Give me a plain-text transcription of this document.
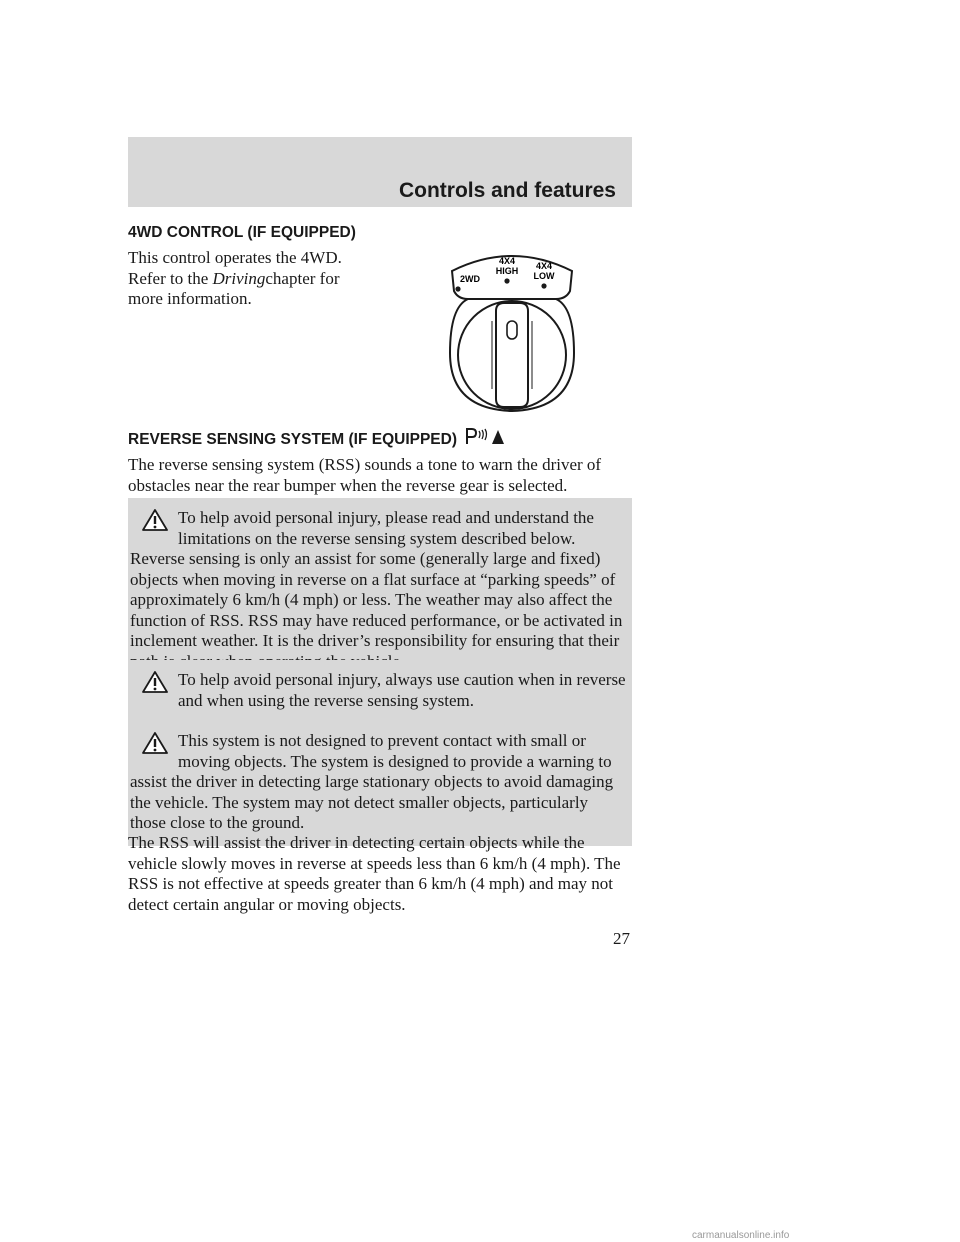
Controls and features
4WD CONTROL (IF EQUIPPED)
This control operates the 4WD.
Refer to the Drivingchapter for
more information.
2WD
4X4
HIGH 4X4
LOW
REVERSE SENSING SYSTEM (IF EQUIPPED)
The reverse sensing system (RSS) sounds a tone to warn the driver of obstacles near the rear bumper when the reverse gear is selected.

To help avoid personal injury, please read and understand the limitations on the reverse sensing system described below. Reverse sensing is only an assist for some (generally large and fixed) objects when moving in reverse on a flat surface at “parking speeds” of approximately 6 km/h (4 mph) or less. The weather may also affect the function of RSS. RSS may have reduced performance, or be activated in inclement weather. It is the driver’s responsibility for ensuring that their

To help avoid personal injury, always use caution when in reverse and when using the reverse sensing system.

This system is not designed to prevent contact with small or moving objects. The system is designed to provide a warning to assist the driver in detecting large stationary objects to avoid damaging the vehicle. The system may not detect smaller objects, particularly those close to the ground.

The RSS will assist the driver in detecting certain objects while the vehicle slowly moves in reverse at speeds less than 6 km/h (4 mph). The RSS is not effective at speeds greater than 6 km/h (4 mph) and may not detect certain angular or moving objects.
27
carmanualsonline.info
